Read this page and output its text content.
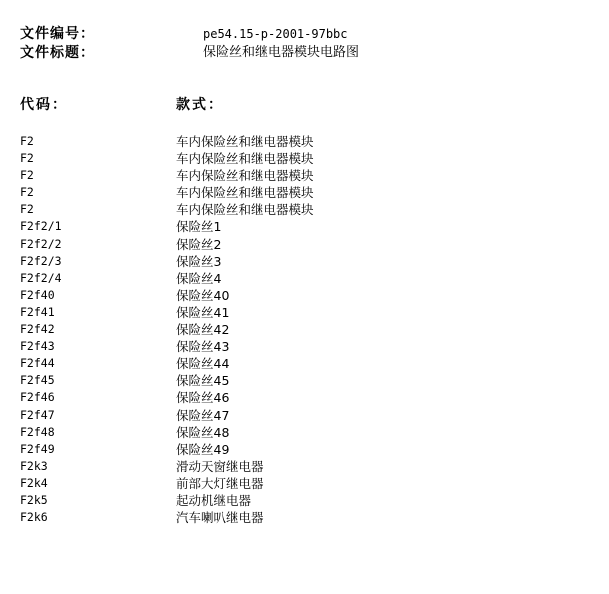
文件编号：	pe54.15-p-2001-97bbc
文件标题：	保险丝和继电器模块电路图
代码：	款式：
F2	车内保险丝和继电器模块
F2	车内保险丝和继电器模块
F2	车内保险丝和继电器模块
F2	车内保险丝和继电器模块
F2	车内保险丝和继电器模块
F2f2/1	保险丝1
F2f2/2	保险丝2
F2f2/3	保险丝3
F2f2/4	保险丝4
F2f40	保险丝40
F2f41	保险丝41
F2f42	保险丝42
F2f43	保险丝43
F2f44	保险丝44
F2f45	保险丝45
F2f46	保险丝46
F2f47	保险丝47
F2f48	保险丝48
F2f49	保险丝49
F2k3	滑动天窗继电器
F2k4	前部大灯继电器
F2k5	起动机继电器
F2k6	汽车喇叭继电器
